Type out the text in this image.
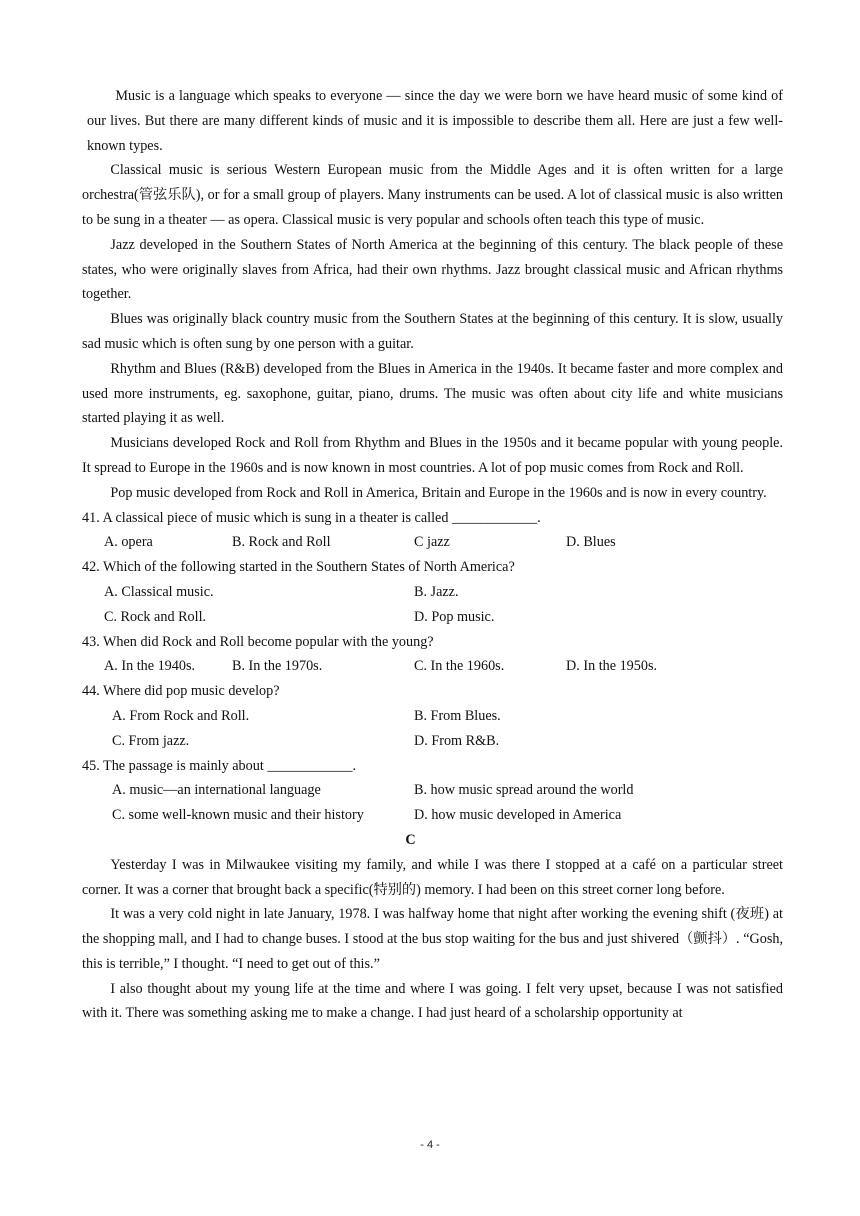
Music is a language which speaks to everyone — since the day we were born we have heard music of some kind of our lives. But there are many different kinds of music and it is impossible to describe them all. Here are just a few well-known types.

Classical music is serious Western European music from the Middle Ages and it is often written for a large orchestra(管弦乐队), or for a small group of players. Many instruments can be used. A lot of classical music is also written to be sung in a theater — as opera. Classical music is very popular and schools often teach this type of music.

Jazz developed in the Southern States of North America at the beginning of this century. The black people of these states, who were originally slaves from Africa, had their own rhythms. Jazz brought classical music and African rhythms together.

Blues was originally black country music from the Southern States at the beginning of this century. It is slow, usually sad music which is often sung by one person with a guitar.

Rhythm and Blues (R&B) developed from the Blues in America in the 1940s. It became faster and more complex and used more instruments, eg. saxophone, guitar, piano, drums. The music was often about city life and white musicians started playing it as well.

Musicians developed Rock and Roll from Rhythm and Blues in the 1950s and it became popular with young people. It spread to Europe in the 1960s and is now known in most countries. A lot of pop music comes from Rock and Roll.

Pop music developed from Rock and Roll in America, Britain and Europe in the 1960s and is now in every country.

41. A classical piece of music which is sung in a theater is called ____________.

A. opera	B. Rock and Roll	C jazz	D. Blues

42. Which of the following started in the Southern States of North America?

A. Classical music.	B. Jazz.
C. Rock and Roll.	D. Pop music.

43. When did Rock and Roll become popular with the young?

A. In the 1940s.	B. In the 1970s.	C. In the 1960s.	D. In the 1950s.

44. Where did pop music develop?

A. From Rock and Roll.	B. From Blues.
C. From jazz.	D. From R&B.

45. The passage is mainly about ____________.

A. music—an international language	B. how music spread around the world
C. some well-known music and their history	D. how music developed in America
C

Yesterday I was in Milwaukee visiting my family, and while I was there I stopped at a café on a particular street corner. It was a corner that brought back a specific(特别的) memory. I had been on this street corner long before.

It was a very cold night in late January, 1978. I was halfway home that night after working the evening shift (夜班) at the shopping mall, and I had to change buses. I stood at the bus stop waiting for the bus and just shivered（颤抖）. “Gosh, this is terrible,” I thought. “I need to get out of this.”

I also thought about my young life at the time and where I was going. I felt very upset, because I was not satisfied with it. There was something asking me to make a change. I had just heard of a scholarship opportunity at

- 4 -
